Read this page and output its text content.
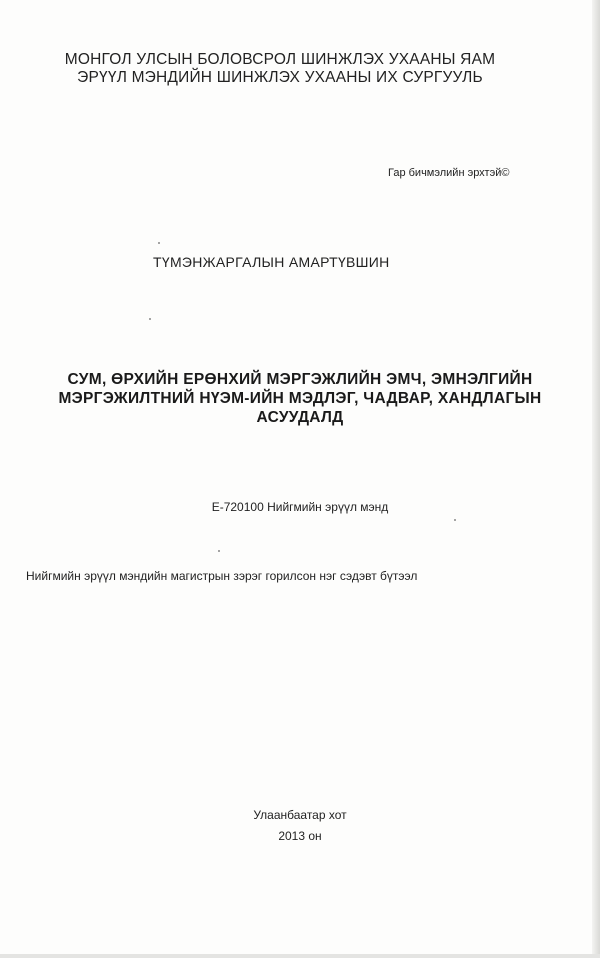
МОНГОЛ УЛСЫН БОЛОВСРОЛ ШИНЖЛЭХ УХААНЫ ЯАМ
ЭРҮҮЛ МЭНДИЙН ШИНЖЛЭХ УХААНЫ ИХ СУРГУУЛЬ
Гар бичмэлийн эрхтэй©
ТҮМЭНЖАРГАЛЫН АМАРТҮВШИН
СУМ, ӨРХИЙН ЕРӨНХИЙ МЭРГЭЖЛИЙН ЭМЧ, ЭМНЭЛГИЙН
МЭРГЭЖИЛТНИЙ НҮЭМ-ИЙН МЭДЛЭГ, ЧАДВАР, ХАНДЛАГЫН
АСУУДАЛД
Е-720100 Нийгмийн эрүүл мэнд
Нийгмийн эрүүл мэндийн магистрын зэрэг горилсон нэг сэдэвт бүтээл
Улаанбаатар хот
2013 он
